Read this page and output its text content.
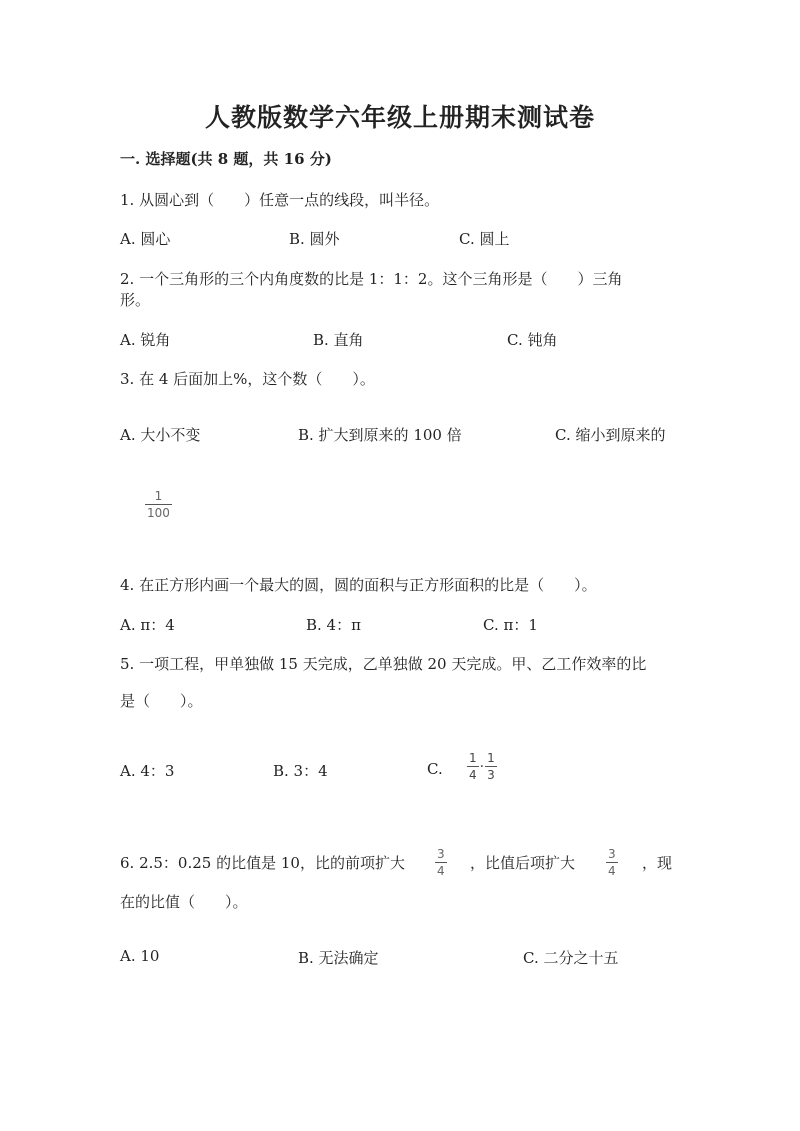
人教版数学六年级上册期末测试卷
一. 选择题(共 8 题，共 16 分)
1. 从圆心到（　　）任意一点的线段，叫半径。
A. 圆心	B. 圆外	C. 圆上
2. 一个三角形的三个内角度数的比是 1：1：2。这个三角形是（　　）三角
形。
A. 锐角	B. 直角	C. 钝角
3. 在 4 后面加上%，这个数（　　）。
A. 大小不变	B. 扩大到原来的 100 倍	C. 缩小到原来的
1
100
4. 在正方形内画一个最大的圆，圆的面积与正方形面积的比是（　　）。
A. π：4	B. 4：π	C. π：1
5. 一项工程，甲单独做 15 天完成，乙单独做 20 天完成。甲、乙工作效率的比
是（　　）。
A. 4：3	B. 3：4	C. $\frac{1}{4} \cdot \frac{1}{3}$
6. 2.5：0.25 的比值是 10，比的前项扩大	3
4 ，比值后项扩大	3
4 ，现
在的比值（　　）。
A. 10	B. 无法确定	C. 二分之十五
